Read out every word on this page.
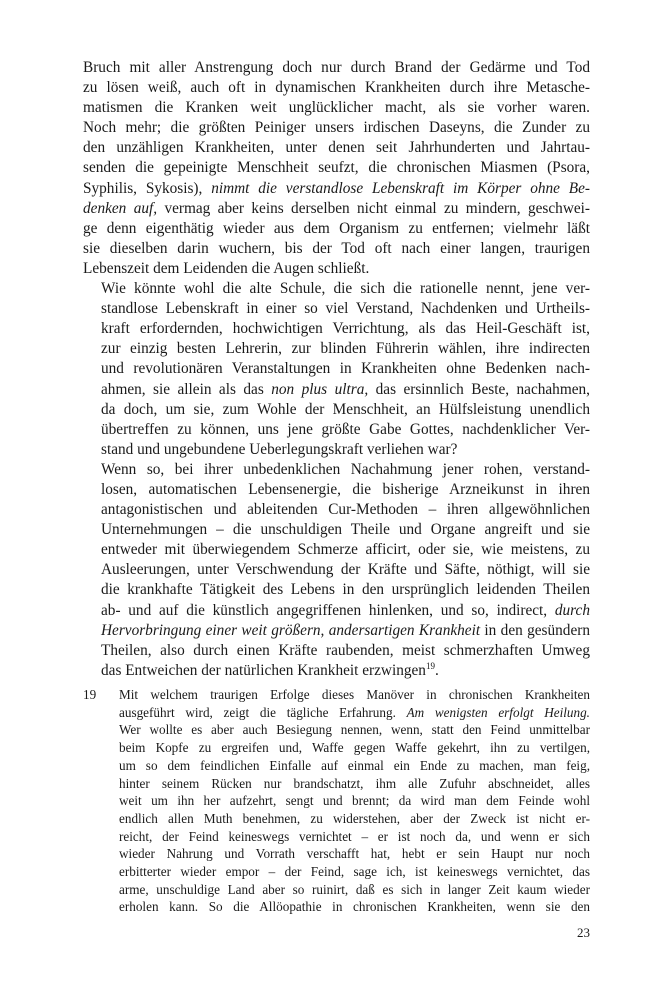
Bruch mit aller Anstrengung doch nur durch Brand der Gedärme und Tod
zu lösen weiß, auch oft in dynamischen Krankheiten durch ihre Metasche-
matismen die Kranken weit unglücklicher macht, als sie vorher waren.
Noch mehr; die größten Peiniger unsers irdischen Daseyns, die Zunder zu
den unzähligen Krankheiten, unter denen seit Jahrhunderten und Jahrtau-
senden die gepeinigte Menschheit seufzt, die chronischen Miasmen (Psora,
Syphilis, Sykosis), nimmt die verstandlose Lebenskraft im Körper ohne Be-
denken auf, vermag aber keins derselben nicht einmal zu mindern, geschwei-
ge denn eigenthätig wieder aus dem Organism zu entfernen; vielmehr läßt
sie dieselben darin wuchern, bis der Tod oft nach einer langen, traurigen
Lebenszeit dem Leidenden die Augen schließt.

Wie könnte wohl die alte Schule, die sich die rationelle nennt, jene ver-
standlose Lebenskraft in einer so viel Verstand, Nachdenken und Urtheils-
kraft erfordernden, hochwichtigen Verrichtung, als das Heil-Geschäft ist,
zur einzig besten Lehrerin, zur blinden Führerin wählen, ihre indirecten
und revolutionären Veranstaltungen in Krankheiten ohne Bedenken nach-
ahmen, sie allein als das non plus ultra, das ersinnlich Beste, nachahmen,
da doch, um sie, zum Wohle der Menschheit, an Hülfsleistung unendlich
übertreffen zu können, uns jene größte Gabe Gottes, nachdenklicher Ver-
stand und ungebundene Ueberlegungskraft verliehen war?

Wenn so, bei ihrer unbedenklichen Nachahmung jener rohen, verstand-
losen, automatischen Lebensenergie, die bisherige Arzneikunst in ihren
antagonistischen und ableitenden Cur-Methoden – ihren allgewöhnlichen
Unternehmungen – die unschuldigen Theile und Organe angreift und sie
entweder mit überwiegendem Schmerze afficirt, oder sie, wie meistens, zu
Ausleerungen, unter Verschwendung der Kräfte und Säfte, nöthigt, will sie
die krankhafte Tätigkeit des Lebens in den ursprünglich leidenden Theilen
ab- und auf die künstlich angegriffenen hinlenken, und so, indirect, durch
Hervorbringung einer weit größern, andersartigen Krankheit in den gesündern
Theilen, also durch einen Kräfte raubenden, meist schmerzhaften Umweg
das Entweichen der natürlichen Krankheit erzwingen$^{19}$.

19 Mit welchem traurigen Erfolge dieses Manöver in chronischen Krankheiten
ausgeführt wird, zeigt die tägliche Erfahrung. Am wenigsten erfolgt Heilung.
Wer wollte es aber auch Besiegung nennen, wenn, statt den Feind unmittelbar
beim Kopfe zu ergreifen und, Waffe gegen Waffe gekehrt, ihn zu vertilgen,
um so dem feindlichen Einfalle auf einmal ein Ende zu machen, man feig,
hinter seinem Rücken nur brandschatzt, ihm alle Zufuhr abschneidet, alles
weit um ihn her aufzehrt, sengt und brennt; da wird man dem Feinde wohl
endlich allen Muth benehmen, zu widerstehen, aber der Zweck ist nicht er-
reicht, der Feind keineswegs vernichtet – er ist noch da, und wenn er sich
wieder Nahrung und Vorrath verschafft hat, hebt er sein Haupt nur noch
erbitterter wieder empor – der Feind, sage ich, ist keineswegs vernichtet, das
arme, unschuldige Land aber so ruinirt, daß es sich in langer Zeit kaum wieder
erholen kann. So die Allöopathie in chronischen Krankheiten, wenn sie den
23
